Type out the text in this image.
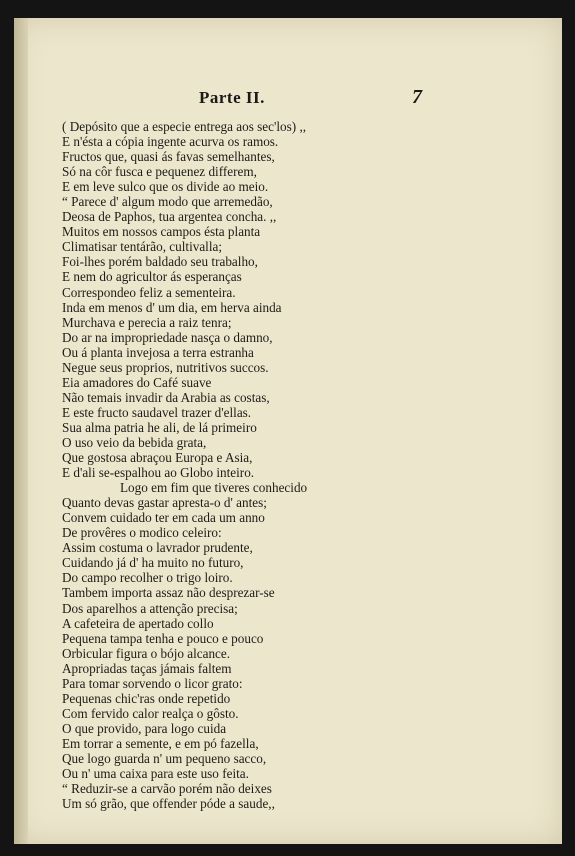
Parte II.	7
( Depósito que a especie entrega aos sec'los) ,,
E n'ésta a cópia ingente acurva os ramos.
Fructos que, quasi ás favas semelhantes,
Só na côr fusca e pequenez differem,
E em leve sulco que os divide ao meio.
“ Parece d' algum modo que arremedão,
Deosa de Paphos, tua argentea concha. ,,
Muitos em nossos campos ésta planta
Climatisar tentárão, cultivalla;
Foi-lhes porém baldado seu trabalho,
E nem do agricultor ás esperanças
Correspondeo feliz a sementeira.
Inda em menos d' um dia, em herva ainda
Murchava e perecia a raiz tenra;
Do ar na impropriedade nasça o damno,
Ou á planta invejosa a terra estranha
Negue seus proprios, nutritivos succos.
Eia amadores do Café suave
Não temais invadir da Arabia as costas,
E este fructo saudavel trazer d'ellas.
Sua alma patria he ali, de lá primeiro
O uso veio da bebida grata,
Que gostosa abraçou Europa e Asia,
E d'ali se-espalhou ao Globo inteiro.
Logo em fim que tiveres conhecido
Quanto devas gastar apresta-o d' antes;
Convem cuidado ter em cada um anno
De provêres o modico celeiro:
Assim costuma o lavrador prudente,
Cuidando já d' ha muito no futuro,
Do campo recolher o trigo loiro.
Tambem importa assaz não desprezar-se
Dos aparelhos a attenção precisa;
A cafeteira de apertado collo
Pequena tampa tenha e pouco e pouco
Orbicular figura o bójo alcance.
Apropriadas taças jámais faltem
Para tomar sorvendo o licor grato:
Pequenas chic'ras onde repetido
Com fervido calor realça o gôsto.
O que provido, para logo cuida
Em torrar a semente, e em pó fazella,
Que logo guarda n' um pequeno sacco,
Ou n' uma caixa para este uso feita.
“ Reduzir-se a carvão porém não deixes
Um só grão, que offender póde a saude,,
